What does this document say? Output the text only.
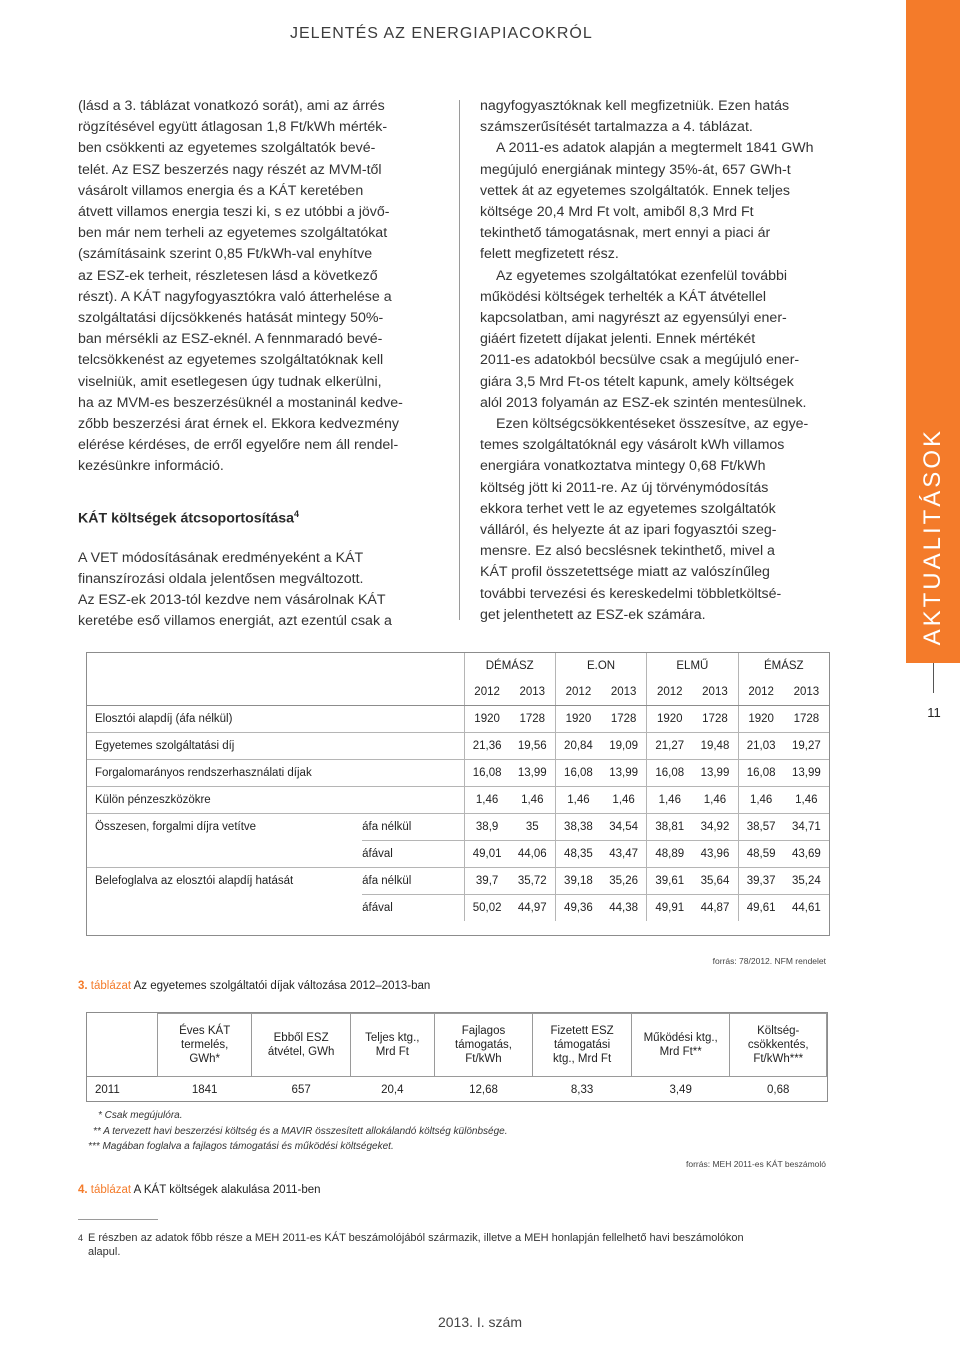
JELENTÉS AZ ENERGIAPIACOKRÓL
AKTUALITÁSOK
11

(lásd a 3. táblázat vonatkozó sorát), ami az árrés
rögzítésével együtt átlagosan 1,8 Ft/kWh mérték-
ben csökkenti az egyetemes szolgáltatók bevé-
telét. Az ESZ beszerzés nagy részét az MVM-től
vásárolt villamos energia és a KÁT keretében
átvett villamos energia teszi ki, s ez utóbbi a jövő-
ben már nem terheli az egyetemes szolgáltatókat
(számításaink szerint 0,85 Ft/kWh-val enyhítve
az ESZ-ek terheit, részletesen lásd a következő
részt). A KÁT nagyfogyasztókra való átterhelése a
szolgáltatási díjcsökkenés hatását mintegy 50%-
ban mérsékli az ESZ-eknél. A fennmaradó bevé-
telcsökkenést az egyetemes szolgáltatóknak kell
viselniük, amit esetlegesen úgy tudnak elkerülni,
ha az MVM-es beszerzésüknél a mostaninál kedve-
zőbb beszerzési árat érnek el. Ekkora kedvezmény
elérése kérdéses, de erről egyelőre nem áll rendel-
kezésünkre információ.

KÁT költségek átcsoportosítása$^4$

A VET módosításának eredményeként a KÁT
finanszírozási oldala jelentősen megváltozott.
Az ESZ-ek 2013-tól kezdve nem vásárolnak KÁT
keretébe eső villamos energiát, azt ezentúl csak a

nagyfogyasztóknak kell megfizetniük. Ezen hatás
számszerűsítését tartalmazza a 4. táblázat.

A 2011-es adatok alapján a megtermelt 1841 GWh
megújuló energiának mintegy 35%-át, 657 GWh-t
vettek át az egyetemes szolgáltatók. Ennek teljes
költsége 20,4 Mrd Ft volt, amiből 8,3 Mrd Ft
tekinthető támogatásnak, mert ennyi a piaci ár
felett megfizetett rész.

Az egyetemes szolgáltatókat ezenfelül további
működési költségek terhelték a KÁT átvétellel
kapcsolatban, ami nagyrészt az egyensúlyi ener-
giáért fizetett díjakat jelenti. Ennek mértékét
2011-es adatokból becsülve csak a megújuló ener-
giára 3,5 Mrd Ft-os tételt kapunk, amely költségek
alól 2013 folyamán az ESZ-ek szintén mentesülnek.

Ezen költségcsökkentéseket összesítve, az egye-
temes szolgáltatóknál egy vásárolt kWh villamos
energiára vonatkoztatva mintegy 0,68 Ft/kWh
költség jött ki 2011-re. Az új törvénymódosítás
ekkora terhet vett le az egyetemes szolgáltatók
válláról, és helyezte át az ipari fogyasztói szeg-
mensre. Ez alsó becslésnek tekinthető, mivel a
KÁT profil összetettsége miatt az valószínűleg
további tervezési és kereskedelmi többletköltsé-
get jelenthetett az ESZ-ek számára.

		DÉMÁSZ		E.ON		ELMŰ		ÉMÁSZ	
		2012	2013	2012	2013	2012	2013	2012	2013
Elosztói alapdíj (áfa nélkül)		1920	1728	1920	1728	1920	1728	1920	1728
Egyetemes szolgáltatási díj		21,36	19,56	20,84	19,09	21,27	19,48	21,03	19,27
Forgalomarányos rendszerhasználati díjak		16,08	13,99	16,08	13,99	16,08	13,99	16,08	13,99
Külön pénzeszközökre		1,46	1,46	1,46	1,46	1,46	1,46	1,46	1,46
Összesen, forgalmi díjra vetítve	áfa nélkül	38,9	35	38,38	34,54	38,81	34,92	38,57	34,71
	áfával	49,01	44,06	48,35	43,47	48,89	43,96	48,59	43,69
Belefoglalva az elosztói alapdíj hatását	áfa nélkül	39,7	35,72	39,18	35,26	39,61	35,64	39,37	35,24
	áfával	50,02	44,97	49,36	44,38	49,91	44,87	49,61	44,61
forrás: 78/2012. NFM rendelet
3. táblázat Az egyetemes szolgáltatói díjak változása 2012–2013-ban
	Éves KÁT
termelés,
GWh*	Ebből ESZ
átvétel, GWh	Teljes ktg.,
Mrd Ft	Fajlagos
támogatás,
Ft/kWh	Fizetett ESZ
támogatási
ktg., Mrd Ft	Működési ktg.,
Mrd Ft**	Költség-
csökkentés,
Ft/kWh***
2011	1841	657	20,4	12,68	8,33	3,49	0,68
* Csak megújulóra.
** A tervezett havi beszerzési költség és a MAVIR összesített allokálandó költség különbsége.
*** Magában foglalva a fajlagos támogatási és működési költségeket.
forrás: MEH 2011-es KÁT beszámoló
4. táblázat A KÁT költségek alakulása 2011-ben
4 E részben az adatok főbb része a MEH 2011-es KÁT beszámolójából származik, illetve a MEH honlapján fellelhető havi beszámolókon
alapul.
2013. I. szám
